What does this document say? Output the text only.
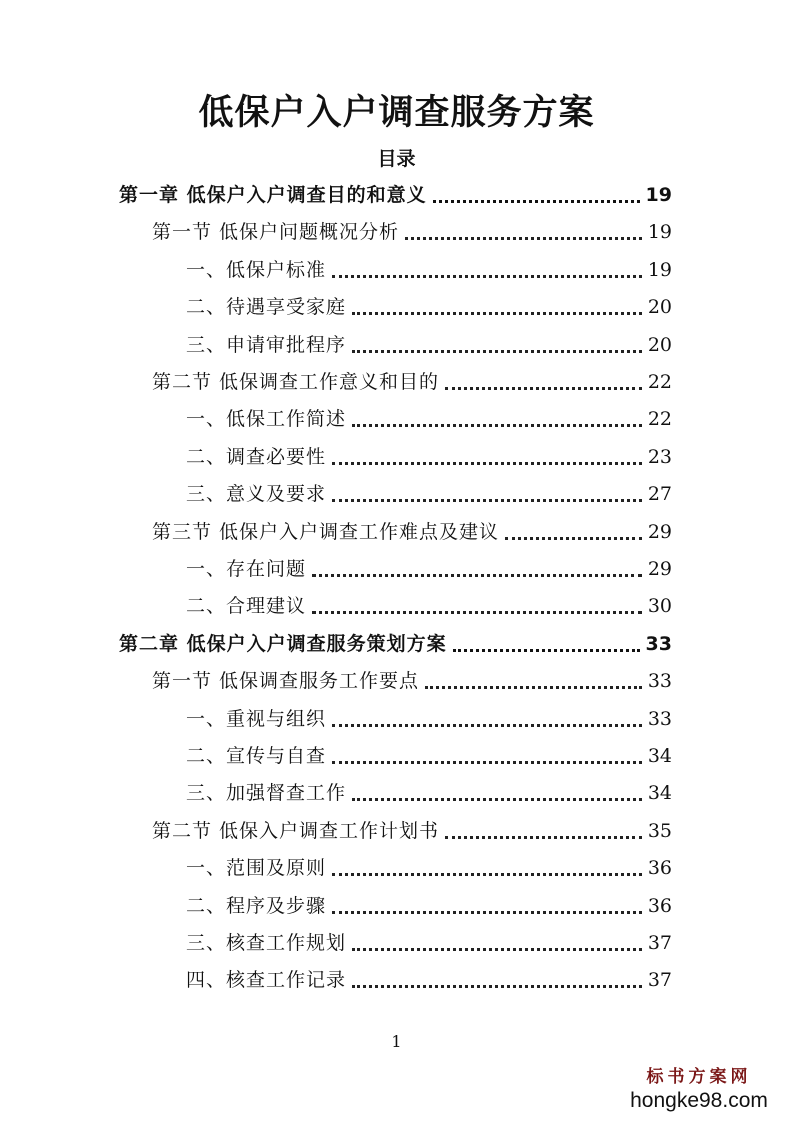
低保户入户调查服务方案
目录
第一章 低保户入户调查目的和意义	19
第一节 低保户问题概况分析	19
一、低保户标准	19
二、待遇享受家庭	20
三、申请审批程序	20
第二节 低保调查工作意义和目的	22
一、低保工作简述	22
二、调查必要性	23
三、意义及要求	27
第三节 低保户入户调查工作难点及建议	29
一、存在问题	29
二、合理建议	30
第二章 低保户入户调查服务策划方案	33
第一节 低保调查服务工作要点	33
一、重视与组织	33
二、宣传与自查	34
三、加强督查工作	34
第二节 低保入户调查工作计划书	35
一、范围及原则	36
二、程序及步骤	36
三、核查工作规划	37
四、核查工作记录	37
1
标书方案网
hongke98.com
